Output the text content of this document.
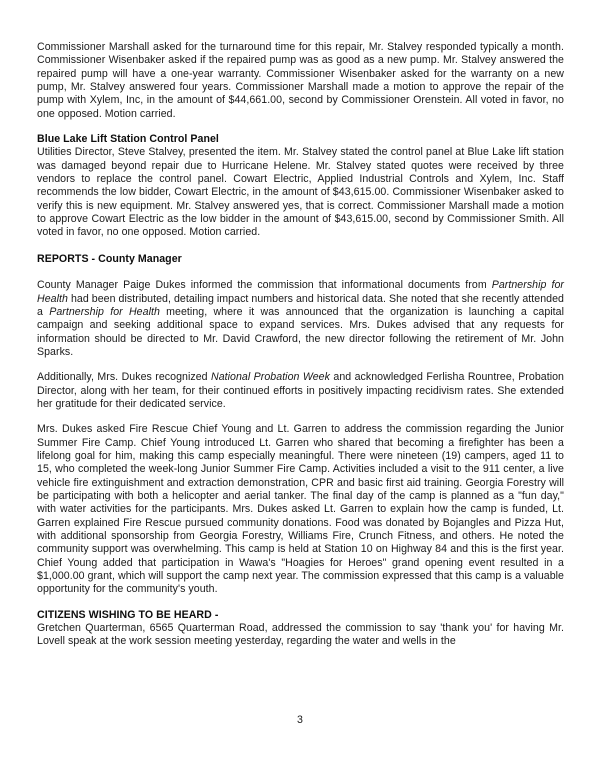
Commissioner Marshall asked for the turnaround time for this repair, Mr. Stalvey responded typically a month. Commissioner Wisenbaker asked if the repaired pump was as good as a new pump. Mr. Stalvey answered the repaired pump will have a one-year warranty. Commissioner Wisenbaker asked for the warranty on a new pump, Mr. Stalvey answered four years. Commissioner Marshall made a motion to approve the repair of the pump with Xylem, Inc, in the amount of $44,661.00, second by Commissioner Orenstein. All voted in favor, no one opposed. Motion carried.

Blue Lake Lift Station Control Panel

Utilities Director, Steve Stalvey, presented the item. Mr. Stalvey stated the control panel at Blue Lake lift station was damaged beyond repair due to Hurricane Helene. Mr. Stalvey stated quotes were received by three vendors to replace the control panel. Cowart Electric, Applied Industrial Controls and Xylem, Inc. Staff recommends the low bidder, Cowart Electric, in the amount of $43,615.00. Commissioner Wisenbaker asked to verify this is new equipment. Mr. Stalvey answered yes, that is correct. Commissioner Marshall made a motion to approve Cowart Electric as the low bidder in the amount of $43,615.00, second by Commissioner Smith. All voted in favor, no one opposed. Motion carried.

REPORTS - County Manager

County Manager Paige Dukes informed the commission that informational documents from Partnership for Health had been distributed, detailing impact numbers and historical data. She noted that she recently attended a Partnership for Health meeting, where it was announced that the organization is launching a capital campaign and seeking additional space to expand services. Mrs. Dukes advised that any requests for information should be directed to Mr. David Crawford, the new director following the retirement of Mr. John Sparks.

Additionally, Mrs. Dukes recognized National Probation Week and acknowledged Ferlisha Rountree, Probation Director, along with her team, for their continued efforts in positively impacting recidivism rates. She extended her gratitude for their dedicated service.

Mrs. Dukes asked Fire Rescue Chief Young and Lt. Garren to address the commission regarding the Junior Summer Fire Camp. Chief Young introduced Lt. Garren who shared that becoming a firefighter has been a lifelong goal for him, making this camp especially meaningful. There were nineteen (19) campers, aged 11 to 15, who completed the week-long Junior Summer Fire Camp. Activities included a visit to the 911 center, a live vehicle fire extinguishment and extraction demonstration, CPR and basic first aid training. Georgia Forestry will be participating with both a helicopter and aerial tanker. The final day of the camp is planned as a "fun day," with water activities for the participants. Mrs. Dukes asked Lt. Garren to explain how the camp is funded, Lt. Garren explained Fire Rescue pursued community donations. Food was donated by Bojangles and Pizza Hut, with additional sponsorship from Georgia Forestry, Williams Fire, Crunch Fitness, and others. He noted the community support was overwhelming. This camp is held at Station 10 on Highway 84 and this is the first year. Chief Young added that participation in Wawa's "Hoagies for Heroes" grand opening event resulted in a $1,000.00 grant, which will support the camp next year. The commission expressed that this camp is a valuable opportunity for the community's youth.

CITIZENS WISHING TO BE HEARD -

Gretchen Quarterman, 6565 Quarterman Road, addressed the commission to say 'thank you' for having Mr. Lovell speak at the work session meeting yesterday, regarding the water and wells in the

3
